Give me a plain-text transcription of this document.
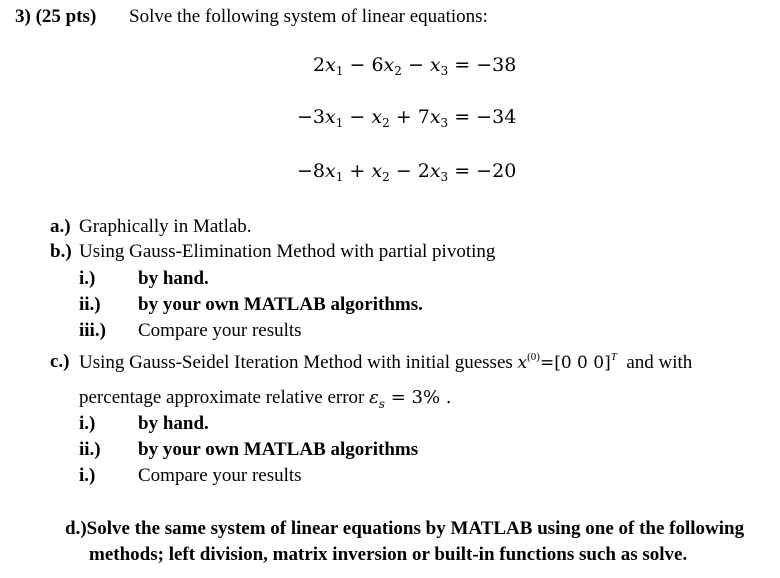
3) (25 pts) Solve the following system of linear equations:
$2x_1 - 6x_2 - x_3 = -38$
$-3x_1 - x_2 + 7x_3 = -34$
$-8x_1 + x_2 - 2x_3 = -20$
a.) Graphically in Matlab.
b.) Using Gauss-Elimination Method with partial pivoting
i.) by hand.
ii.) by your own MATLAB algorithms.
iii.) Compare your results
c.) Using Gauss-Seidel Iteration Method with initial guesses $x^{(0)}=[0$ 0 0]$^T$ and with
percentage approximate relative error $\varepsilon_s = 3\%$ .
i.) by hand.
ii.) by your own MATLAB algorithms
i.) Compare your results
d.)Solve the same system of linear equations by MATLAB using one of the following
methods; left division, matrix inversion or built-in functions such as solve.
